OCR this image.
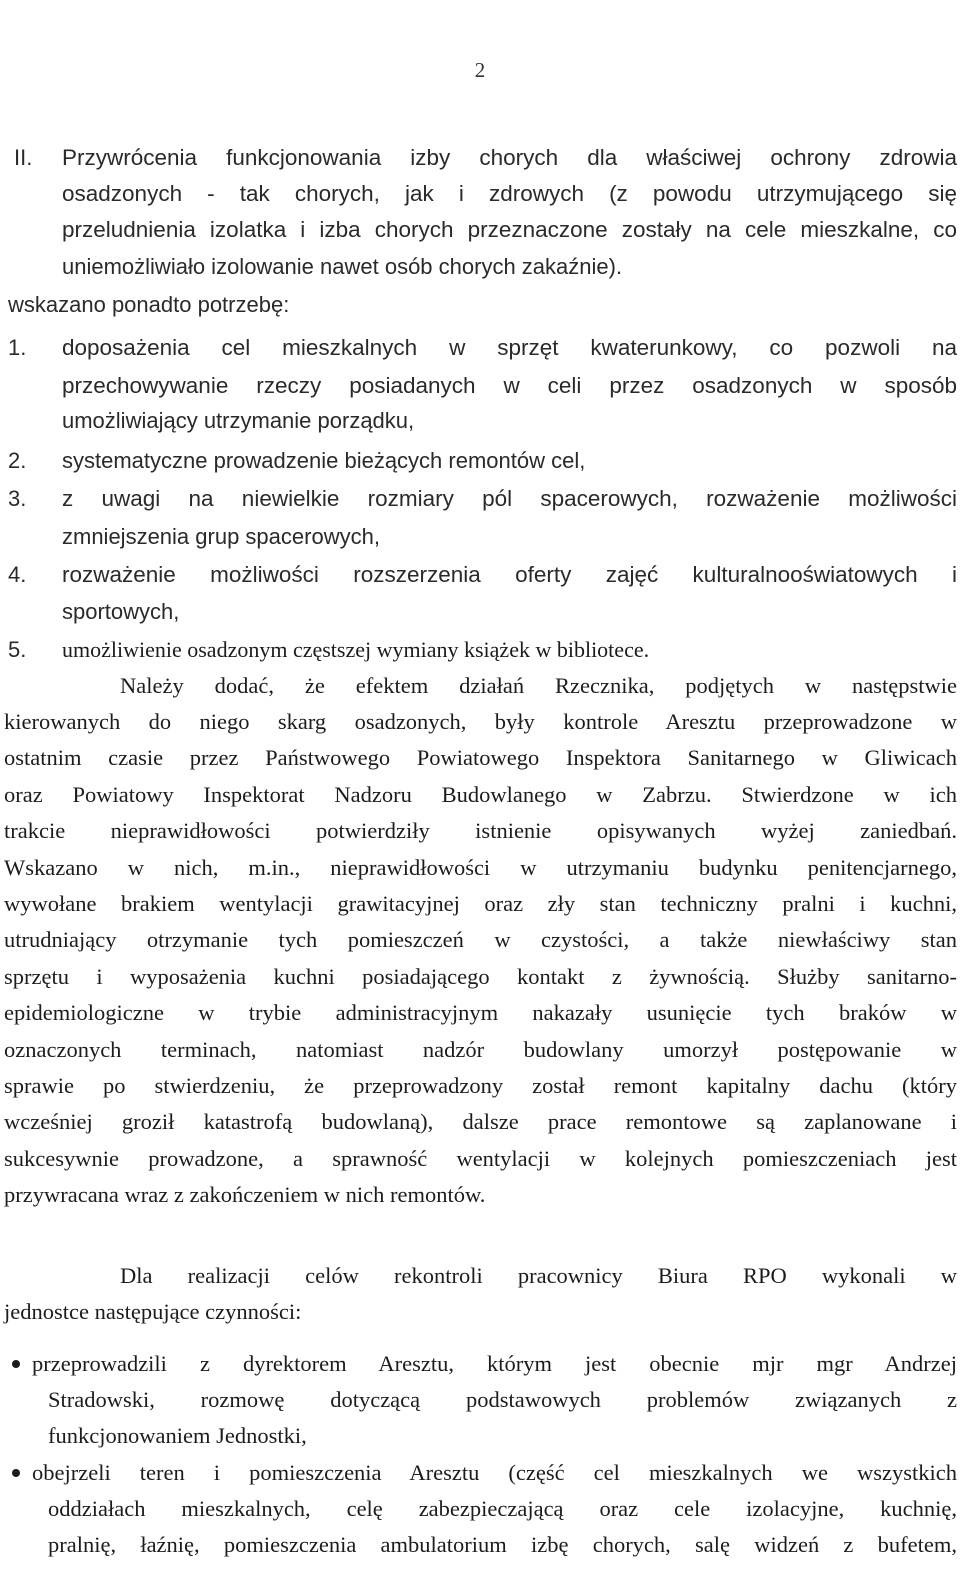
2
II. Przywrócenia funkcjonowania izby chorych dla właściwej ochrony zdrowia
osadzonych - tak chorych, jak i zdrowych (z powodu utrzymującego się
przeludnienia izolatka i izba chorych przeznaczone zostały na cele mieszkalne, co
uniemożliwiało izolowanie nawet osób chorych zakaźnie).
wskazano ponadto potrzebę:
1. doposażenia cel mieszkalnych w sprzęt kwaterunkowy, co pozwoli na
przechowywanie rzeczy posiadanych w celi przez osadzonych w sposób
umożliwiający utrzymanie porządku,
2. systematyczne prowadzenie bieżących remontów cel,
3. z uwagi na niewielkie rozmiary pól spacerowych, rozważenie możliwości
zmniejszenia grup spacerowych,
4. rozważenie możliwości rozszerzenia oferty zajęć kulturalnooświatowych i
sportowych,
5. umożliwienie osadzonym częstszej wymiany książek w bibliotece.
Należy dodać, że efektem działań Rzecznika, podjętych w następstwie
kierowanych do niego skarg osadzonych, były kontrole Aresztu przeprowadzone w
ostatnim czasie przez Państwowego Powiatowego Inspektora Sanitarnego w Gliwicach
oraz Powiatowy Inspektorat Nadzoru Budowlanego w Zabrzu. Stwierdzone w ich
trakcie nieprawidłowości potwierdziły istnienie opisywanych wyżej zaniedbań.
Wskazano w nich, m.in., nieprawidłowości w utrzymaniu budynku penitencjarnego,
wywołane brakiem wentylacji grawitacyjnej oraz zły stan techniczny pralni i kuchni,
utrudniający otrzymanie tych pomieszczeń w czystości, a także niewłaściwy stan
sprzętu i wyposażenia kuchni posiadającego kontakt z żywnością. Służby sanitarno-
epidemiologiczne w trybie administracyjnym nakazały usunięcie tych braków w
oznaczonych terminach, natomiast nadzór budowlany umorzył postępowanie w
sprawie po stwierdzeniu, że przeprowadzony został remont kapitalny dachu (który
wcześniej groził katastrofą budowlaną), dalsze prace remontowe są zaplanowane i
sukcesywnie prowadzone, a sprawność wentylacji w kolejnych pomieszczeniach jest
przywracana wraz z zakończeniem w nich remontów.
Dla realizacji celów rekontroli pracownicy Biura RPO wykonali w
jednostce następujące czynności:
przeprowadzili z dyrektorem Aresztu, którym jest obecnie mjr mgr Andrzej
Stradowski, rozmowę dotyczącą podstawowych problemów związanych z
funkcjonowaniem Jednostki,
obejrzeli teren i pomieszczenia Aresztu (część cel mieszkalnych we wszystkich
oddziałach mieszkalnych, celę zabezpieczającą oraz cele izolacyjne, kuchnię,
pralnię, łaźnię, pomieszczenia ambulatorium izbę chorych, salę widzeń z bufetem,
